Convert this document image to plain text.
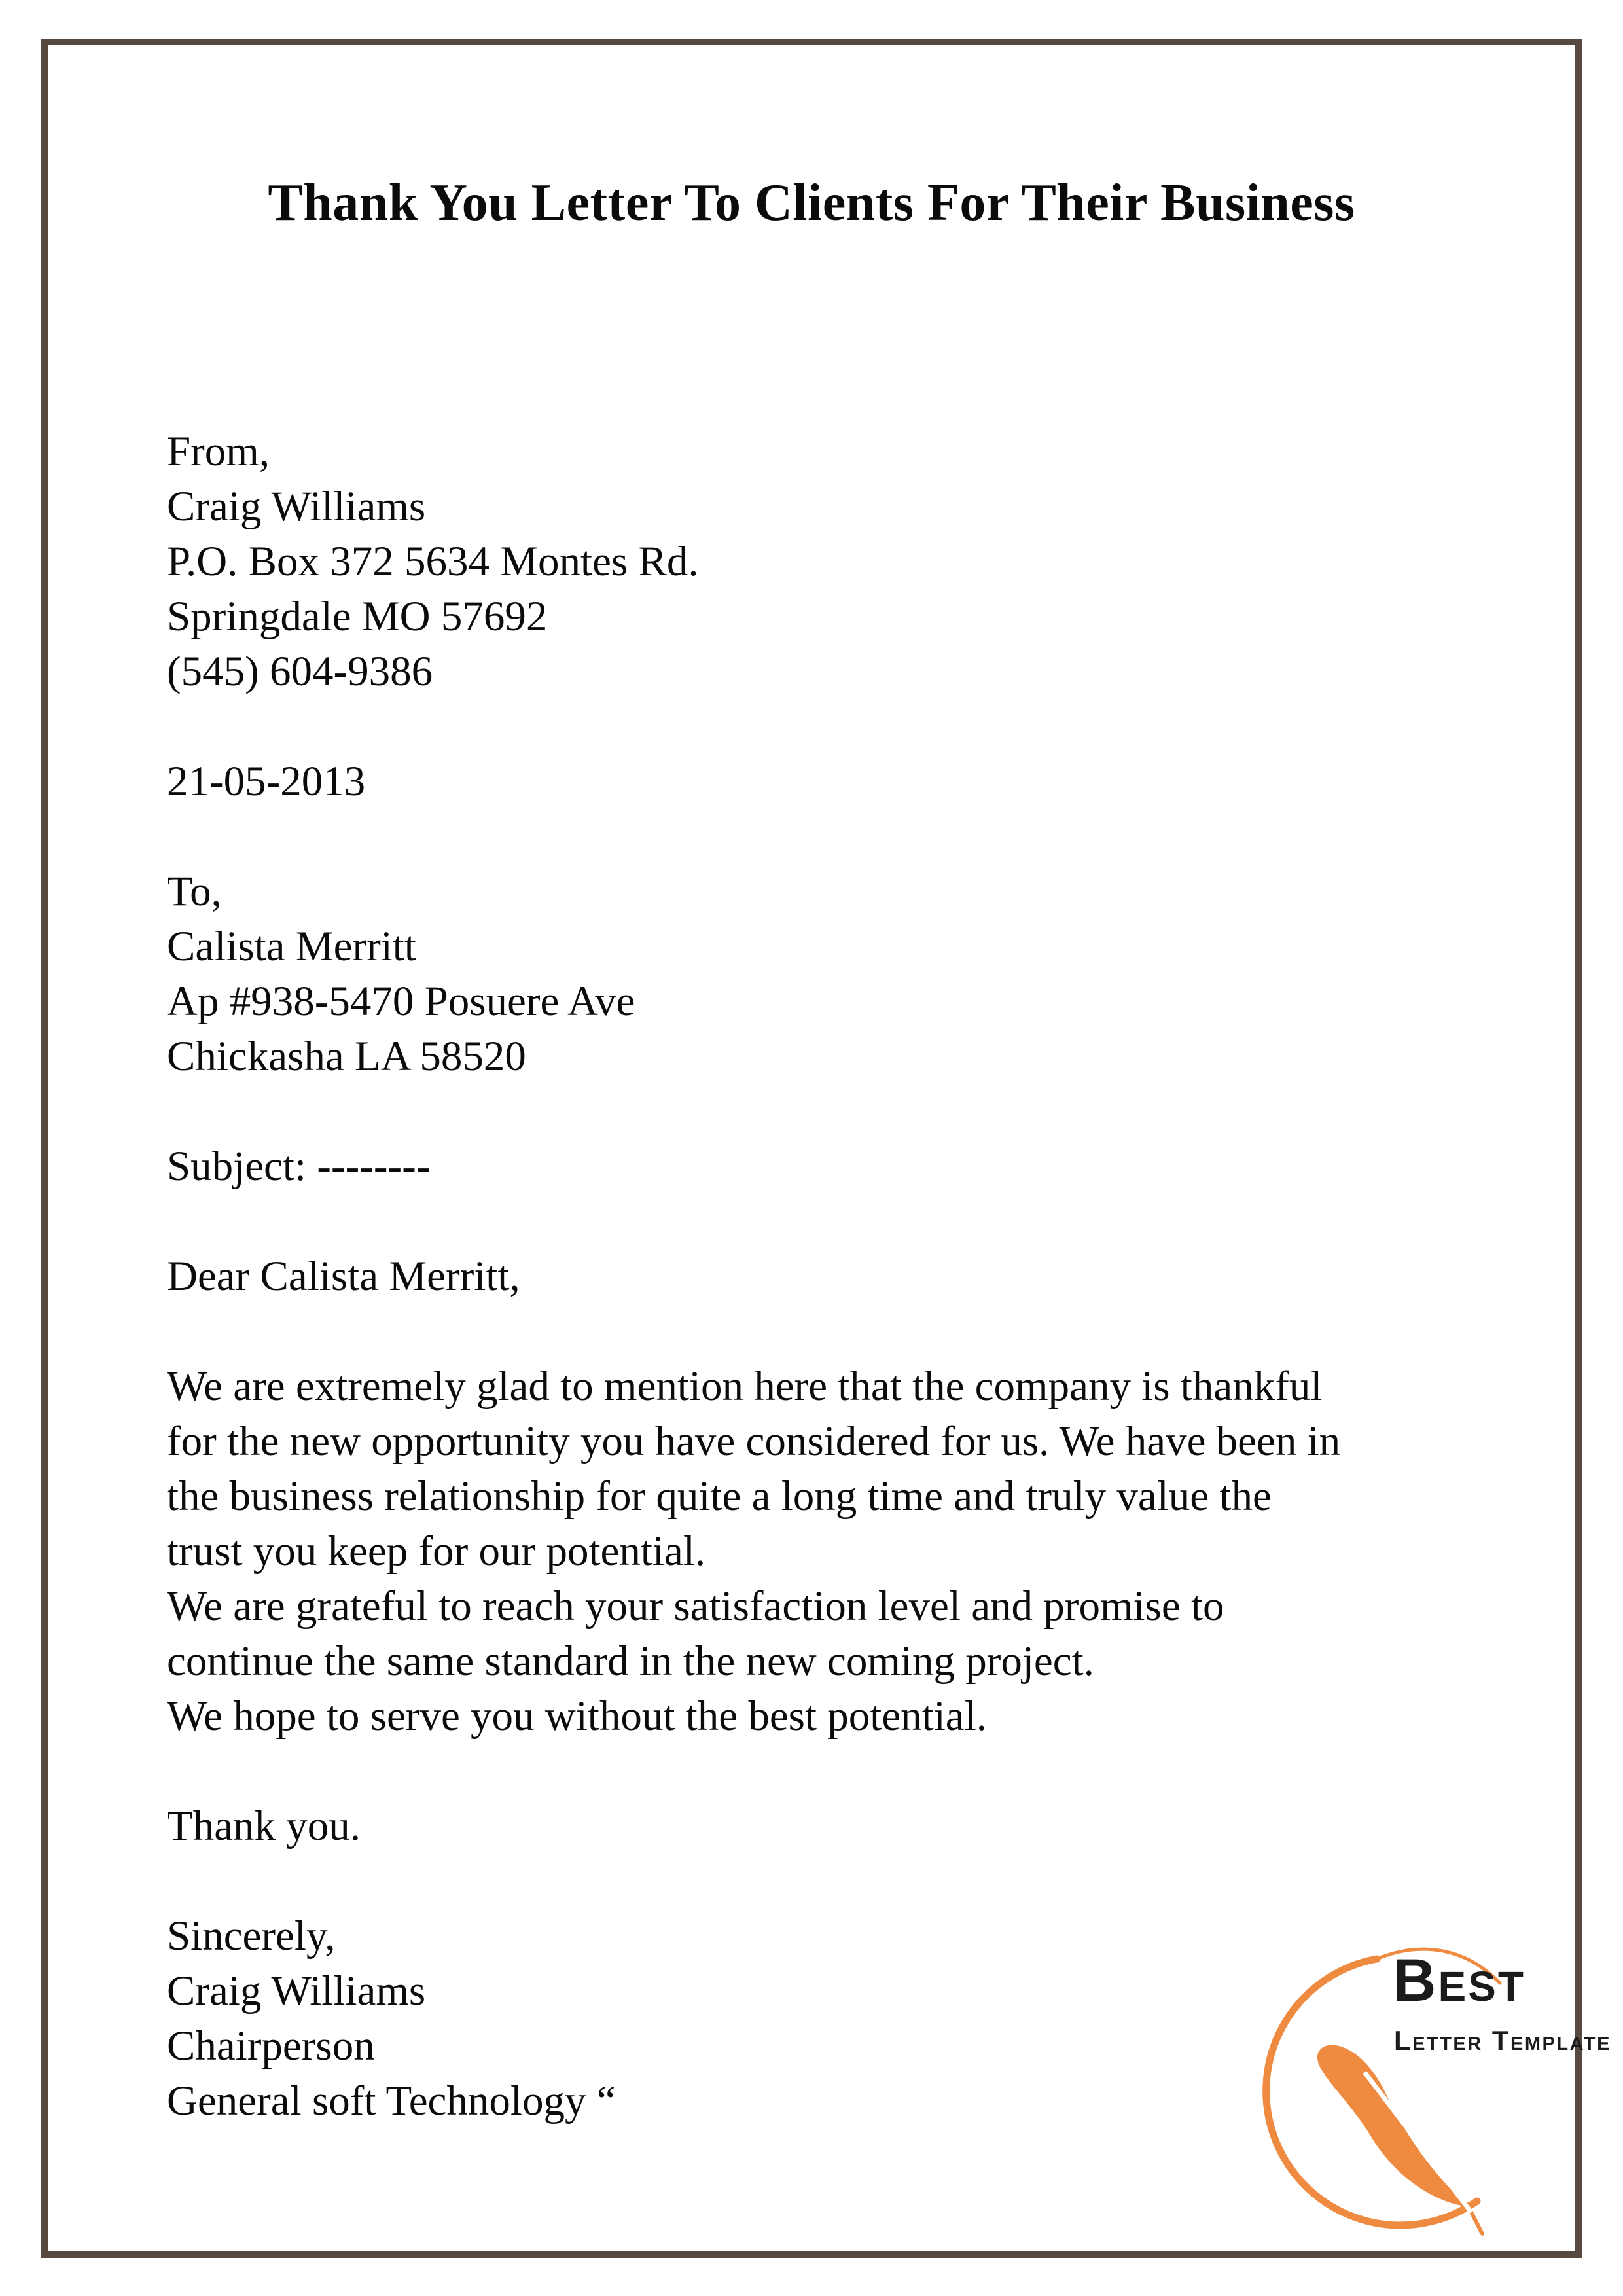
Thank You Letter To Clients For Their Business
From,
Craig Williams
P.O. Box 372 5634 Montes Rd.
Springdale MO 57692
(545) 604-9386
21-05-2013
To,
Calista Merritt
Ap #938-5470 Posuere Ave
Chickasha LA 58520
Subject: --------
Dear Calista Merritt,
We are extremely glad to mention here that the company is thankful
for the new opportunity you have considered for us. We have been in
the business relationship for quite a long time and truly value the
trust you keep for our potential.
We are grateful to reach your satisfaction level and promise to
continue the same standard in the new coming project.
We hope to serve you without the best potential.
Thank you.
Sincerely,
Craig Williams
Chairperson
General soft Technology “
Best
Letter Template
